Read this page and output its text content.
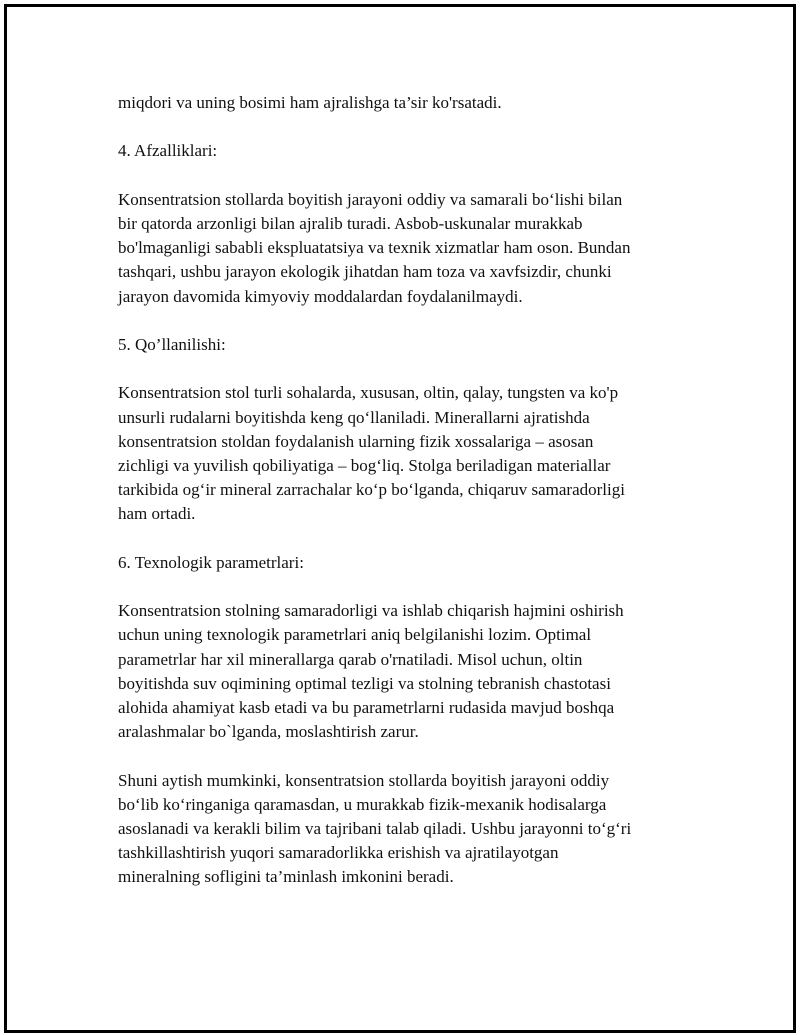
miqdori va uning bosimi ham ajralishga ta’sir ko'rsatadi.

4. Afzalliklari:

Konsentratsion stollarda boyitish jarayoni oddiy va samarali bo‘lishi bilan
bir qatorda arzonligi bilan ajralib turadi. Asbob-uskunalar murakkab
bo'lmaganligi sababli ekspluatatsiya va texnik xizmatlar ham oson. Bundan
tashqari, ushbu jarayon ekologik jihatdan ham toza va xavfsizdir, chunki
jarayon davomida kimyoviy moddalardan foydalanilmaydi.

5. Qo’llanilishi:

Konsentratsion stol turli sohalarda, xususan, oltin, qalay, tungsten va ko'p
unsurli rudalarni boyitishda keng qo‘llaniladi. Minerallarni ajratishda
konsentratsion stoldan foydalanish ularning fizik xossalariga – asosan
zichligi va yuvilish qobiliyatiga – bog‘liq. Stolga beriladigan materiallar
tarkibida og‘ir mineral zarrachalar ko‘p bo‘lganda, chiqaruv samaradorligi
ham ortadi.

6. Texnologik parametrlari:

Konsentratsion stolning samaradorligi va ishlab chiqarish hajmini oshirish
uchun uning texnologik parametrlari aniq belgilanishi lozim. Optimal
parametrlar har xil minerallarga qarab o'rnatiladi. Misol uchun, oltin
boyitishda suv oqimining optimal tezligi va stolning tebranish chastotasi
alohida ahamiyat kasb etadi va bu parametrlarni rudasida mavjud boshqa
aralashmalar bo`lganda, moslashtirish zarur.

Shuni aytish mumkinki, konsentratsion stollarda boyitish jarayoni oddiy
bo‘lib ko‘ringaniga qaramasdan, u murakkab fizik-mexanik hodisalarga
asoslanadi va kerakli bilim va tajribani talab qiladi. Ushbu jarayonni to‘g‘ri
tashkillashtirish yuqori samaradorlikka erishish va ajratilayotgan
mineralning sofligini ta’minlash imkonini beradi.
